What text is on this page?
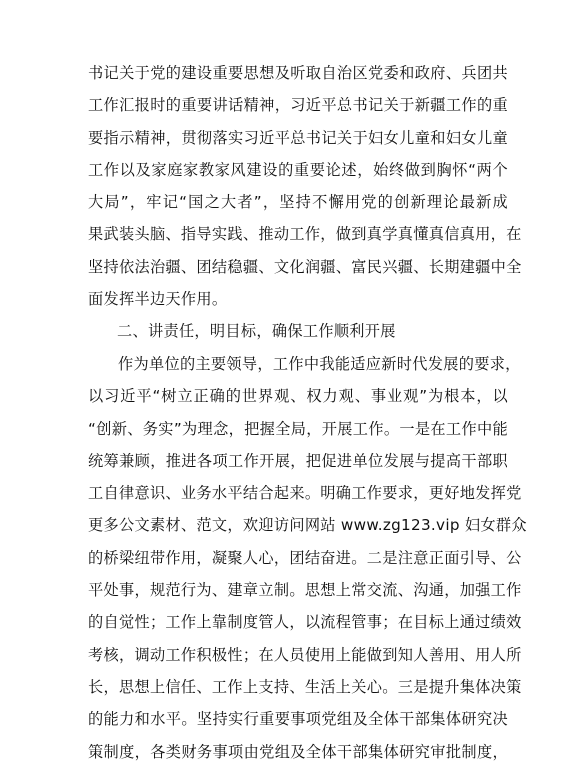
书记关于党的建设重要思想及听取自治区党委和政府、兵团共
工作汇报时的重要讲话精神，习近平总书记关于新疆工作的重
要指示精神，贯彻落实习近平总书记关于妇女儿童和妇女儿童
工作以及家庭家教家风建设的重要论述，始终做到胸怀“两个
大局”，牢记“国之大者”，坚持不懈用党的创新理论最新成
果武装头脑、指导实践、推动工作，做到真学真懂真信真用，在
坚持依法治疆、团结稳疆、文化润疆、富民兴疆、长期建疆中全
面发挥半边天作用。
二、讲责任，明目标，确保工作顺利开展
作为单位的主要领导，工作中我能适应新时代发展的要求，
以习近平“树立正确的世界观、权力观、事业观”为根本，以
“创新、务实”为理念，把握全局，开展工作。一是在工作中能
统筹兼顾，推进各项工作开展，把促进单位发展与提高干部职
工自律意识、业务水平结合起来。明确工作要求，更好地发挥党
更多公文素材、范文，欢迎访问网站 www.zg123.vip 妇女群众
的桥梁纽带作用，凝聚人心，团结奋进。二是注意正面引导、公
平处事，规范行为、建章立制。思想上常交流、沟通，加强工作
的自觉性；工作上靠制度管人，以流程管事；在目标上通过绩效
考核，调动工作积极性；在人员使用上能做到知人善用、用人所
长，思想上信任、工作上支持、生活上关心。三是提升集体决策
的能力和水平。坚持实行重要事项党组及全体干部集体研究决
策制度，各类财务事项由党组及全体干部集体研究审批制度，
